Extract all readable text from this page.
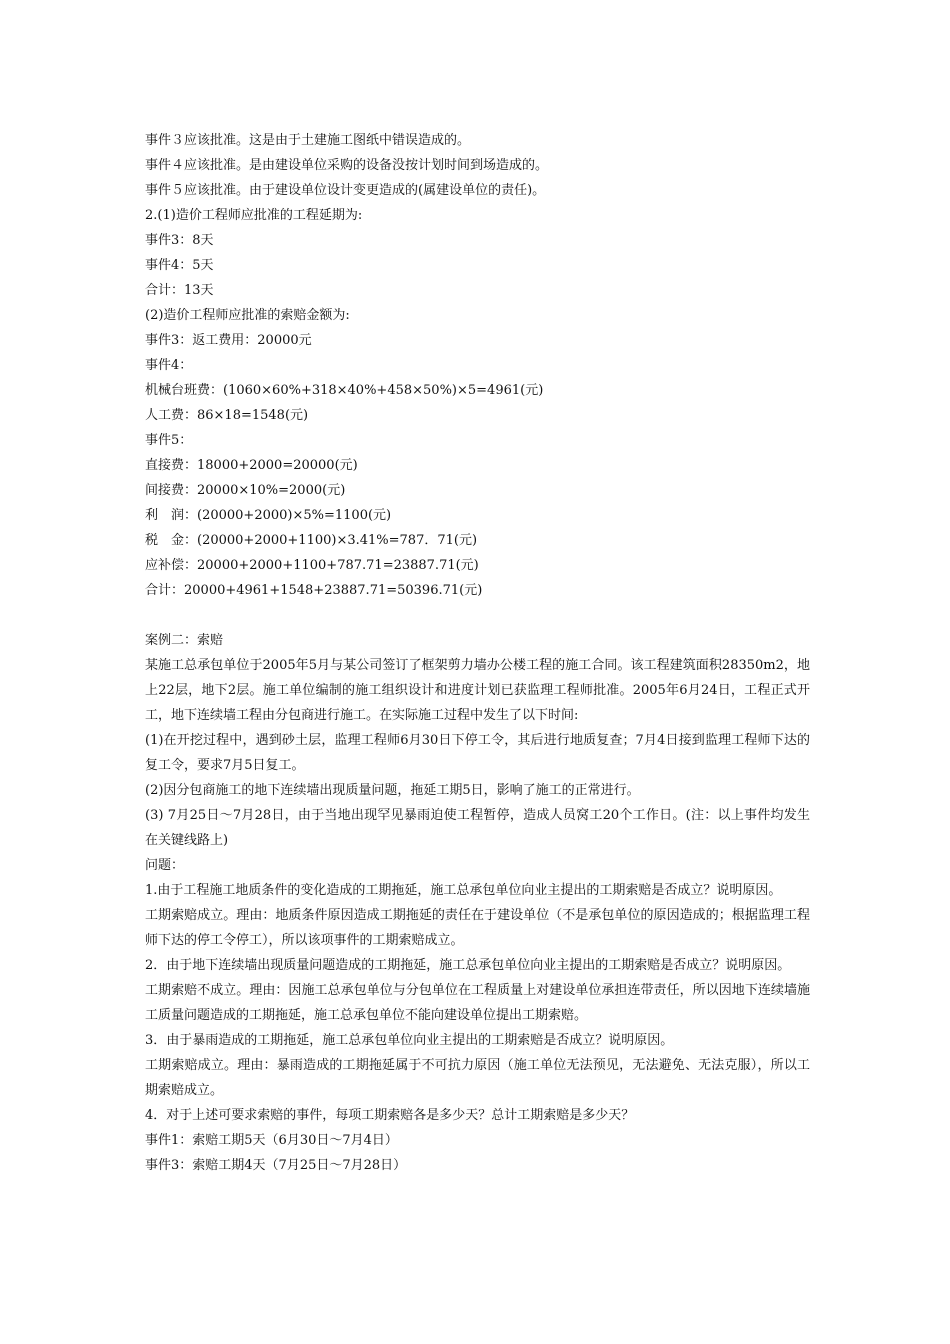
事件３应该批准。这是由于土建施工图纸中错误造成的。
事件４应该批准。是由建设单位采购的设备没按计划时间到场造成的。
事件５应该批准。由于建设单位设计变更造成的(属建设单位的责任)。
2.(1)造价工程师应批准的工程延期为:
事件3：8天
事件4：5天
合计：13天
(2)造价工程师应批准的索赔金额为:
事件3：返工费用：20000元
事件4：
机械台班费：(1060×60%+318×40%+458×50%)×5=4961(元)
人工费：86×18=1548(元)
事件5：
直接费：18000+2000=20000(元)
间接费：20000×10%=2000(元)
利　润：(20000+2000)×5%=1100(元)
税　金：(20000+2000+1100)×3.41%=787．71(元)
应补偿：20000+2000+1100+787.71=23887.71(元)
合计：20000+4961+1548+23887.71=50396.71(元)
案例二：索赔
某施工总承包单位于2005年5月与某公司签订了框架剪力墙办公楼工程的施工合同。该工程建筑面积28350m2，地上22层，地下2层。施工单位编制的施工组织设计和进度计划已获监理工程师批准。2005年6月24日，工程正式开工，地下连续墙工程由分包商进行施工。在实际施工过程中发生了以下时间:
(1)在开挖过程中，遇到砂土层，监理工程师6月30日下停工令，其后进行地质复查；7月4日接到监理工程师下达的复工令，要求7月5日复工。
(2)因分包商施工的地下连续墙出现质量问题，拖延工期5日，影响了施工的正常进行。
(3) 7月25日～7月28日，由于当地出现罕见暴雨迫使工程暂停，造成人员窝工20个工作日。(注：以上事件均发生在关键线路上)
问题：
1.由于工程施工地质条件的变化造成的工期拖延，施工总承包单位向业主提出的工期索赔是否成立？说明原因。
工期索赔成立。理由：地质条件原因造成工期拖延的责任在于建设单位（不是承包单位的原因造成的；根据监理工程师下达的停工令停工），所以该项事件的工期索赔成立。
2．由于地下连续墙出现质量问题造成的工期拖延，施工总承包单位向业主提出的工期索赔是否成立？说明原因。
工期索赔不成立。理由：因施工总承包单位与分包单位在工程质量上对建设单位承担连带责任，所以因地下连续墙施工质量问题造成的工期拖延，施工总承包单位不能向建设单位提出工期索赔。
3．由于暴雨造成的工期拖延，施工总承包单位向业主提出的工期索赔是否成立？说明原因。
工期索赔成立。理由：暴雨造成的工期拖延属于不可抗力原因（施工单位无法预见，无法避免、无法克服），所以工期索赔成立。
4．对于上述可要求索赔的事件，每项工期索赔各是多少天？总计工期索赔是多少天？
事件1：索赔工期5天（6月30日～7月4日）
事件3：索赔工期4天（7月25日～7月28日）
